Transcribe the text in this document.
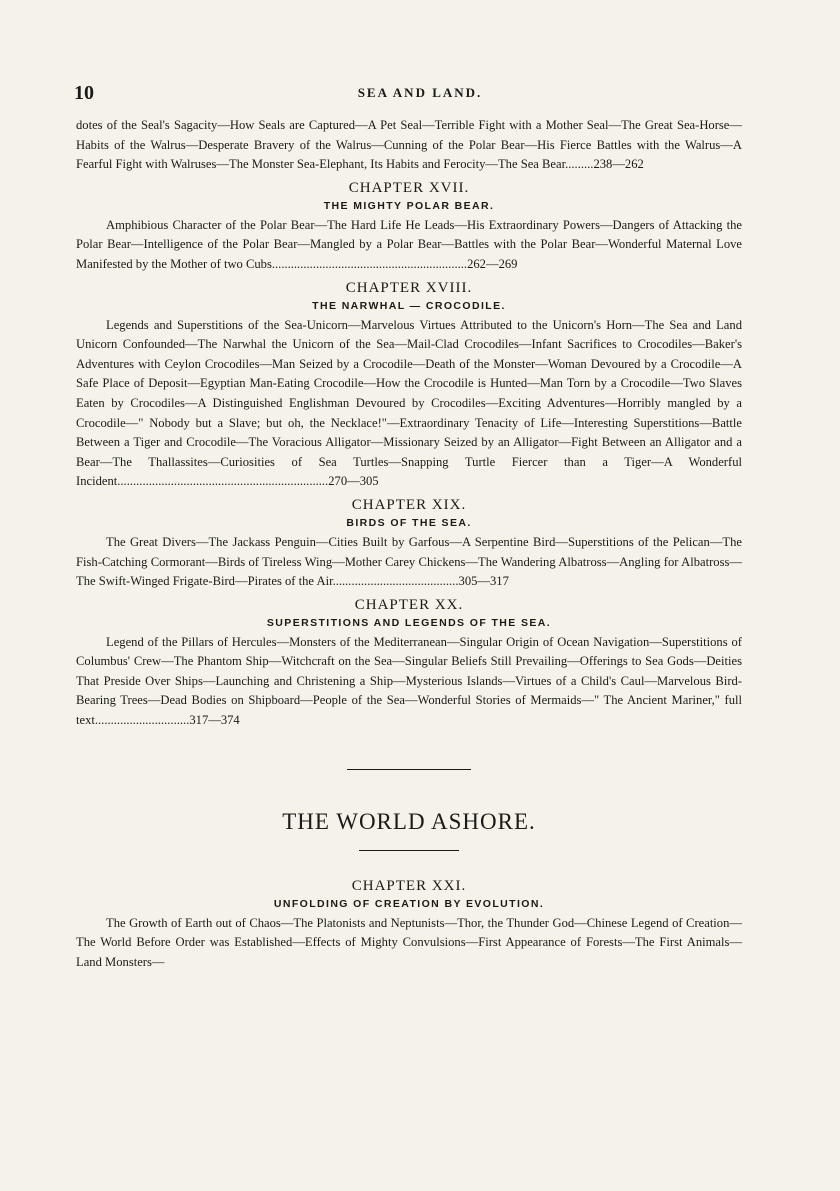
10	SEA AND LAND.

dotes of the Seal's Sagacity—How Seals are Captured—A Pet Seal—Terrible Fight with a Mother Seal—The Great Sea-Horse—Habits of the Walrus—Desperate Bravery of the Walrus—Cunning of the Polar Bear—His Fierce Battles with the Walrus—A Fearful Fight with Walruses—The Monster Sea-Elephant, Its Habits and Ferocity—The Sea Bear.........238—262

CHAPTER XVII.
THE MIGHTY POLAR BEAR.

Amphibious Character of the Polar Bear—The Hard Life He Leads—His Extraordinary Powers—Dangers of Attacking the Polar Bear—Intelligence of the Polar Bear—Mangled by a Polar Bear—Battles with the Polar Bear—Wonderful Maternal Love Manifested by the Mother of two Cubs..............................................................262—269

CHAPTER XVIII.
THE NARWHAL — CROCODILE.

Legends and Superstitions of the Sea-Unicorn—Marvelous Virtues Attributed to the Unicorn's Horn—The Sea and Land Unicorn Confounded—The Narwhal the Unicorn of the Sea—Mail-Clad Crocodiles—Infant Sacrifices to Crocodiles—Baker's Adventures with Ceylon Crocodiles—Man Seized by a Crocodile—Death of the Monster—Woman Devoured by a Crocodile—A Safe Place of Deposit—Egyptian Man-Eating Crocodile—How the Crocodile is Hunted—Man Torn by a Crocodile—Two Slaves Eaten by Crocodiles—A Distinguished Englishman Devoured by Crocodiles—Exciting Adventures—Horribly mangled by a Crocodile—" Nobody but a Slave; but oh, the Necklace!"—Extraordinary Tenacity of Life—Interesting Superstitions—Battle Between a Tiger and Crocodile—The Voracious Alligator—Missionary Seized by an Alligator—Fight Between an Alligator and a Bear—The Thallassites—Curiosities of Sea Turtles—Snapping Turtle Fiercer than a Tiger—A Wonderful Incident...................................................................270—305

CHAPTER XIX.
BIRDS OF THE SEA.

The Great Divers—The Jackass Penguin—Cities Built by Garfous—A Serpentine Bird—Superstitions of the Pelican—The Fish-Catching Cormorant—Birds of Tireless Wing—Mother Carey Chickens—The Wandering Albatross—Angling for Albatross—The Swift-Winged Frigate-Bird—Pirates of the Air........................................305—317

CHAPTER XX.
SUPERSTITIONS AND LEGENDS OF THE SEA.

Legend of the Pillars of Hercules—Monsters of the Mediterranean—Singular Origin of Ocean Navigation—Superstitions of Columbus' Crew—The Phantom Ship—Witchcraft on the Sea—Singular Beliefs Still Prevailing—Offerings to Sea Gods—Deities That Preside Over Ships—Launching and Christening a Ship—Mysterious Islands—Virtues of a Child's Caul—Marvelous Bird-Bearing Trees—Dead Bodies on Shipboard—People of the Sea—Wonderful Stories of Mermaids—" The Ancient Mariner," full text..............................317—374

THE WORLD ASHORE.
CHAPTER XXI.
UNFOLDING OF CREATION BY EVOLUTION.

The Growth of Earth out of Chaos—The Platonists and Neptunists—Thor, the Thunder God—Chinese Legend of Creation—The World Before Order was Established—Effects of Mighty Convulsions—First Appearance of Forests—The First Animals—Land Monsters—
